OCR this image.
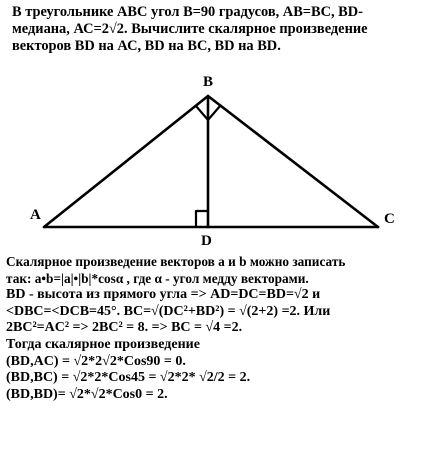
В треугольнике АВС угол В=90 градусов, АВ=ВС, ВD-
медиана, АС=2√2. Вычислите скалярное произведение
векторов ВD на АС, ВD на ВС, ВD на ВD.
B
A	C
D
Скалярное произведение векторов а и b можно записать
так: a•b=|a|•|b|*cosα , где α - угол медду векторами.
BD - высота из прямого угла => AD=DC=BD=√2 и
<DBC=<DCB=45°. BC=√(DC²+BD²) = √(2+2) =2. Или
2BC²=AC² => 2BC² = 8. => BC = √4 =2.
Тогда скалярное произведение
(BD,AC) = √2*2√2*Cos90 = 0.
(BD,BC) = √2*2*Cos45 = √2*2* √2/2 = 2.
(BD,BD)= √2*√2*Cos0 = 2.
